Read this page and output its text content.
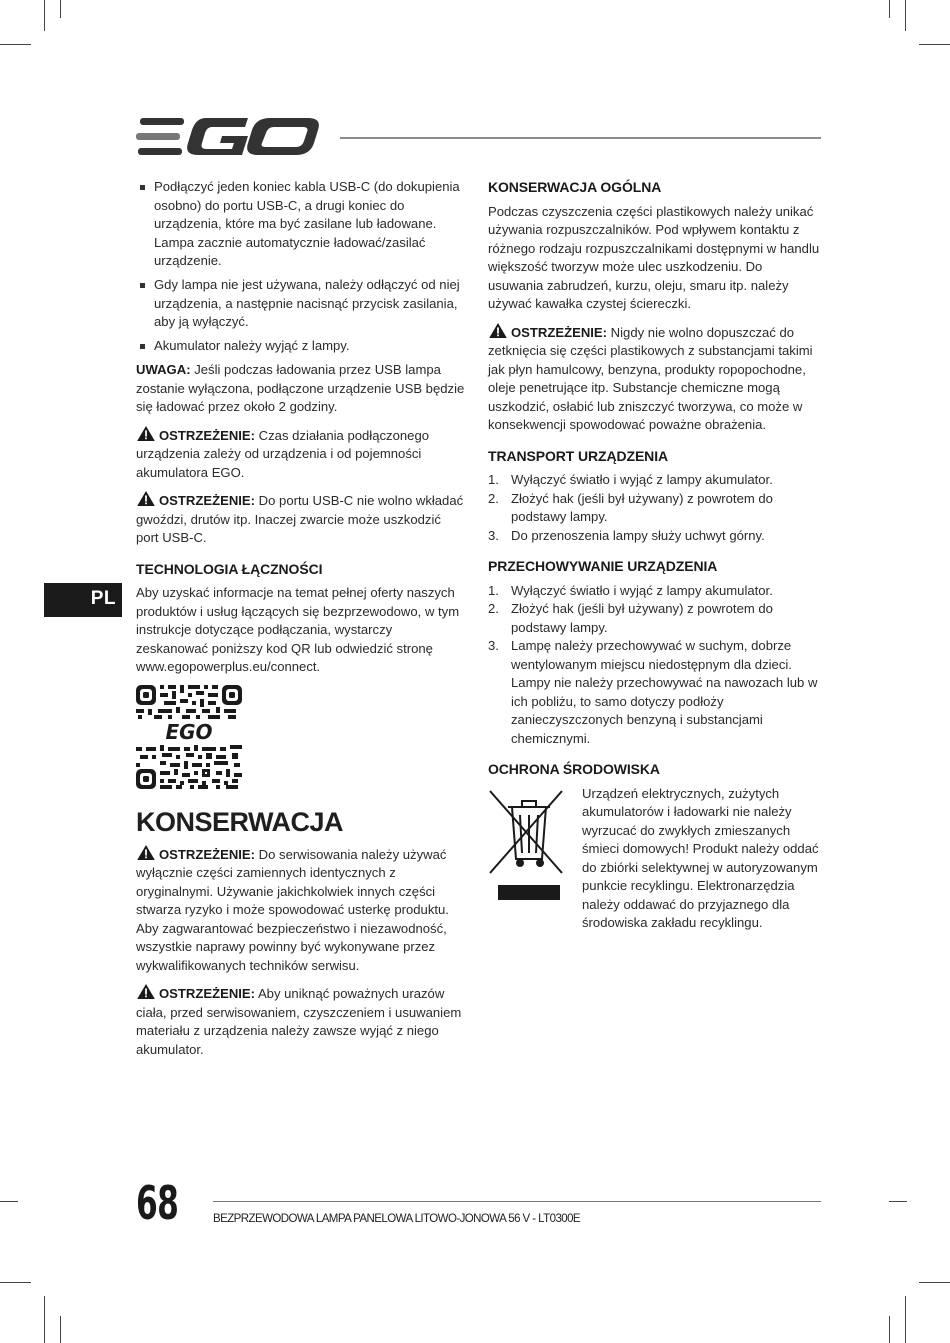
PL
Podłączyć jeden koniec kabla USB-C (do dokupienia osobno) do portu USB-C, a drugi koniec do urządzenia, które ma być zasilane lub ładowane. Lampa zacznie automatycznie ładować/zasilać urządzenie.
Gdy lampa nie jest używana, należy odłączyć od niej urządzenia, a następnie nacisnąć przycisk zasilania, aby ją wyłączyć.
Akumulator należy wyjąć z lampy.

UWAGA: Jeśli podczas ładowania przez USB lampa zostanie wyłączona, podłączone urządzenie USB będzie się ładować przez około 2 godziny.

OSTRZEŻENIE: Czas działania podłączonego urządzenia zależy od urządzenia i od pojemności akumulatora EGO.

OSTRZEŻENIE: Do portu USB-C nie wolno wkładać gwoździ, drutów itp. Inaczej zwarcie może uszkodzić port USB-C.

TECHNOLOGIA ŁĄCZNOŚCI

Aby uzyskać informacje na temat pełnej oferty naszych produktów i usług łączących się bezprzewodowo, w tym instrukcje dotyczące podłączania, wystarczy zeskanować poniższy kod QR lub odwiedzić stronę www.egopowerplus.eu/connect.

EGO
KONSERWACJA

OSTRZEŻENIE: Do serwisowania należy używać wyłącznie części zamiennych identycznych z oryginalnymi. Używanie jakichkolwiek innych części stwarza ryzyko i może spowodować usterkę produktu. Aby zagwarantować bezpieczeństwo i niezawodność, wszystkie naprawy powinny być wykonywane przez wykwalifikowanych techników serwisu.

OSTRZEŻENIE: Aby uniknąć poważnych urazów ciała, przed serwisowaniem, czyszczeniem i usuwaniem materiału z urządzenia należy zawsze wyjąć z niego akumulator.

KONSERWACJA OGÓLNA

Podczas czyszczenia części plastikowych należy unikać używania rozpuszczalników. Pod wpływem kontaktu z różnego rodzaju rozpuszczalnikami dostępnymi w handlu większość tworzyw może ulec uszkodzeniu. Do usuwania zabrudzeń, kurzu, oleju, smaru itp. należy używać kawałka czystej ściereczki.

OSTRZEŻENIE: Nigdy nie wolno dopuszczać do zetknięcia się części plastikowych z substancjami takimi jak płyn hamulcowy, benzyna, produkty ropopochodne, oleje penetrujące itp. Substancje chemiczne mogą uszkodzić, osłabić lub zniszczyć tworzywa, co może w konsekwencji spowodować poważne obrażenia.

TRANSPORT URZĄDZENIA
1. Wyłączyć światło i wyjąć z lampy akumulator.
2. Złożyć hak (jeśli był używany) z powrotem do podstawy lampy.
3. Do przenoszenia lampy służy uchwyt górny.
PRZECHOWYWANIE URZĄDZENIA
1. Wyłączyć światło i wyjąć z lampy akumulator.
2. Złożyć hak (jeśli był używany) z powrotem do podstawy lampy.
3. Lampę należy przechowywać w suchym, dobrze wentylowanym miejscu niedostępnym dla dzieci. Lampy nie należy przechowywać na nawozach lub w ich pobliżu, to samo dotyczy podłoży zanieczyszczonych benzyną i substancjami chemicznymi.
OCHRONA ŚRODOWISKA

Urządzeń elektrycznych, zużytych akumulatorów i ładowarki nie należy wyrzucać do zwykłych zmieszanych śmieci domowych! Produkt należy oddać do zbiórki selektywnej w autoryzowanym punkcie recyklingu. Elektronarzędzia należy oddawać do przyjaznego dla środowiska zakładu recyklingu.

68	BEZPRZEWODOWA LAMPA PANELOWA LITOWO-JONOWA 56 V - LT0300E
